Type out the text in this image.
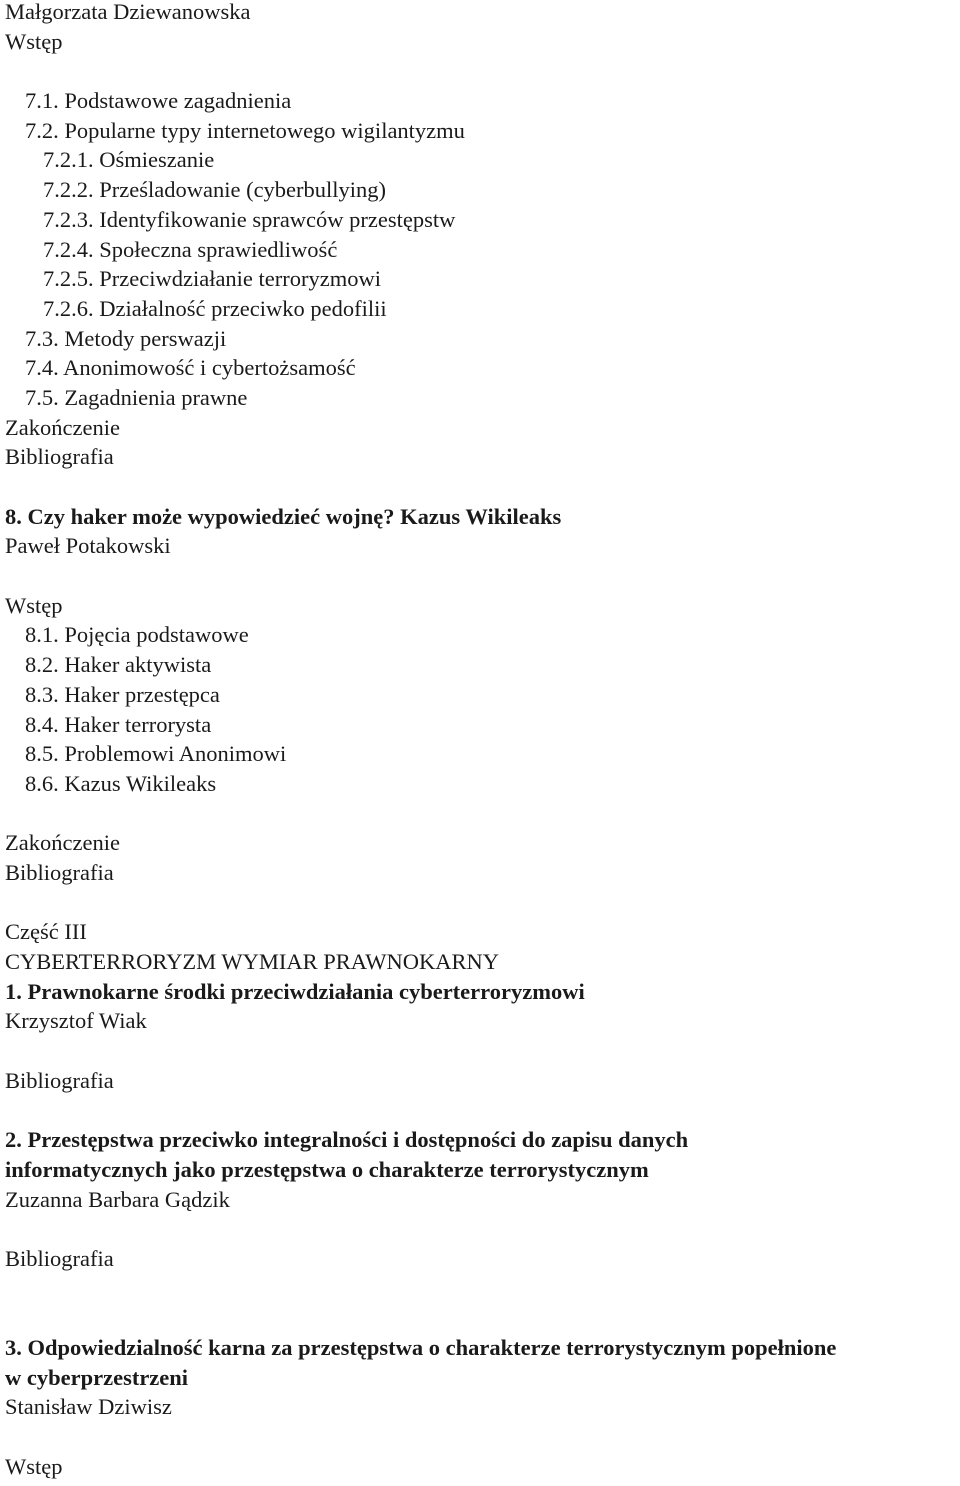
Małgorzata Dziewanowska
Wstęp
7.1. Podstawowe zagadnienia
7.2. Popularne typy internetowego wigilantyzmu
7.2.1. Ośmieszanie
7.2.2. Prześladowanie (cyberbullying)
7.2.3. Identyfikowanie sprawców przestępstw
7.2.4. Społeczna sprawiedliwość
7.2.5. Przeciwdziałanie terroryzmowi
7.2.6. Działalność przeciwko pedofilii
7.3. Metody perswazji
7.4. Anonimowość i cybertożsamość
7.5. Zagadnienia prawne
Zakończenie
Bibliografia
8. Czy haker może wypowiedzieć wojnę? Kazus Wikileaks
Paweł Potakowski
Wstęp
8.1. Pojęcia podstawowe
8.2. Haker aktywista
8.3. Haker przestępca
8.4. Haker terrorysta
8.5. Problemowi Anonimowi
8.6. Kazus Wikileaks
Zakończenie
Bibliografia
Część III
CYBERTERRORYZM WYMIAR PRAWNOKARNY
1. Prawnokarne środki przeciwdziałania cyberterroryzmowi
Krzysztof Wiak
Bibliografia
2. Przestępstwa przeciwko integralności i dostępności do zapisu danych
informatycznych jako przestępstwa o charakterze terrorystycznym
Zuzanna Barbara Gądzik
Bibliografia
3. Odpowiedzialność karna za przestępstwa o charakterze terrorystycznym popełnione
w cyberprzestrzeni
Stanisław Dziwisz
Wstęp
